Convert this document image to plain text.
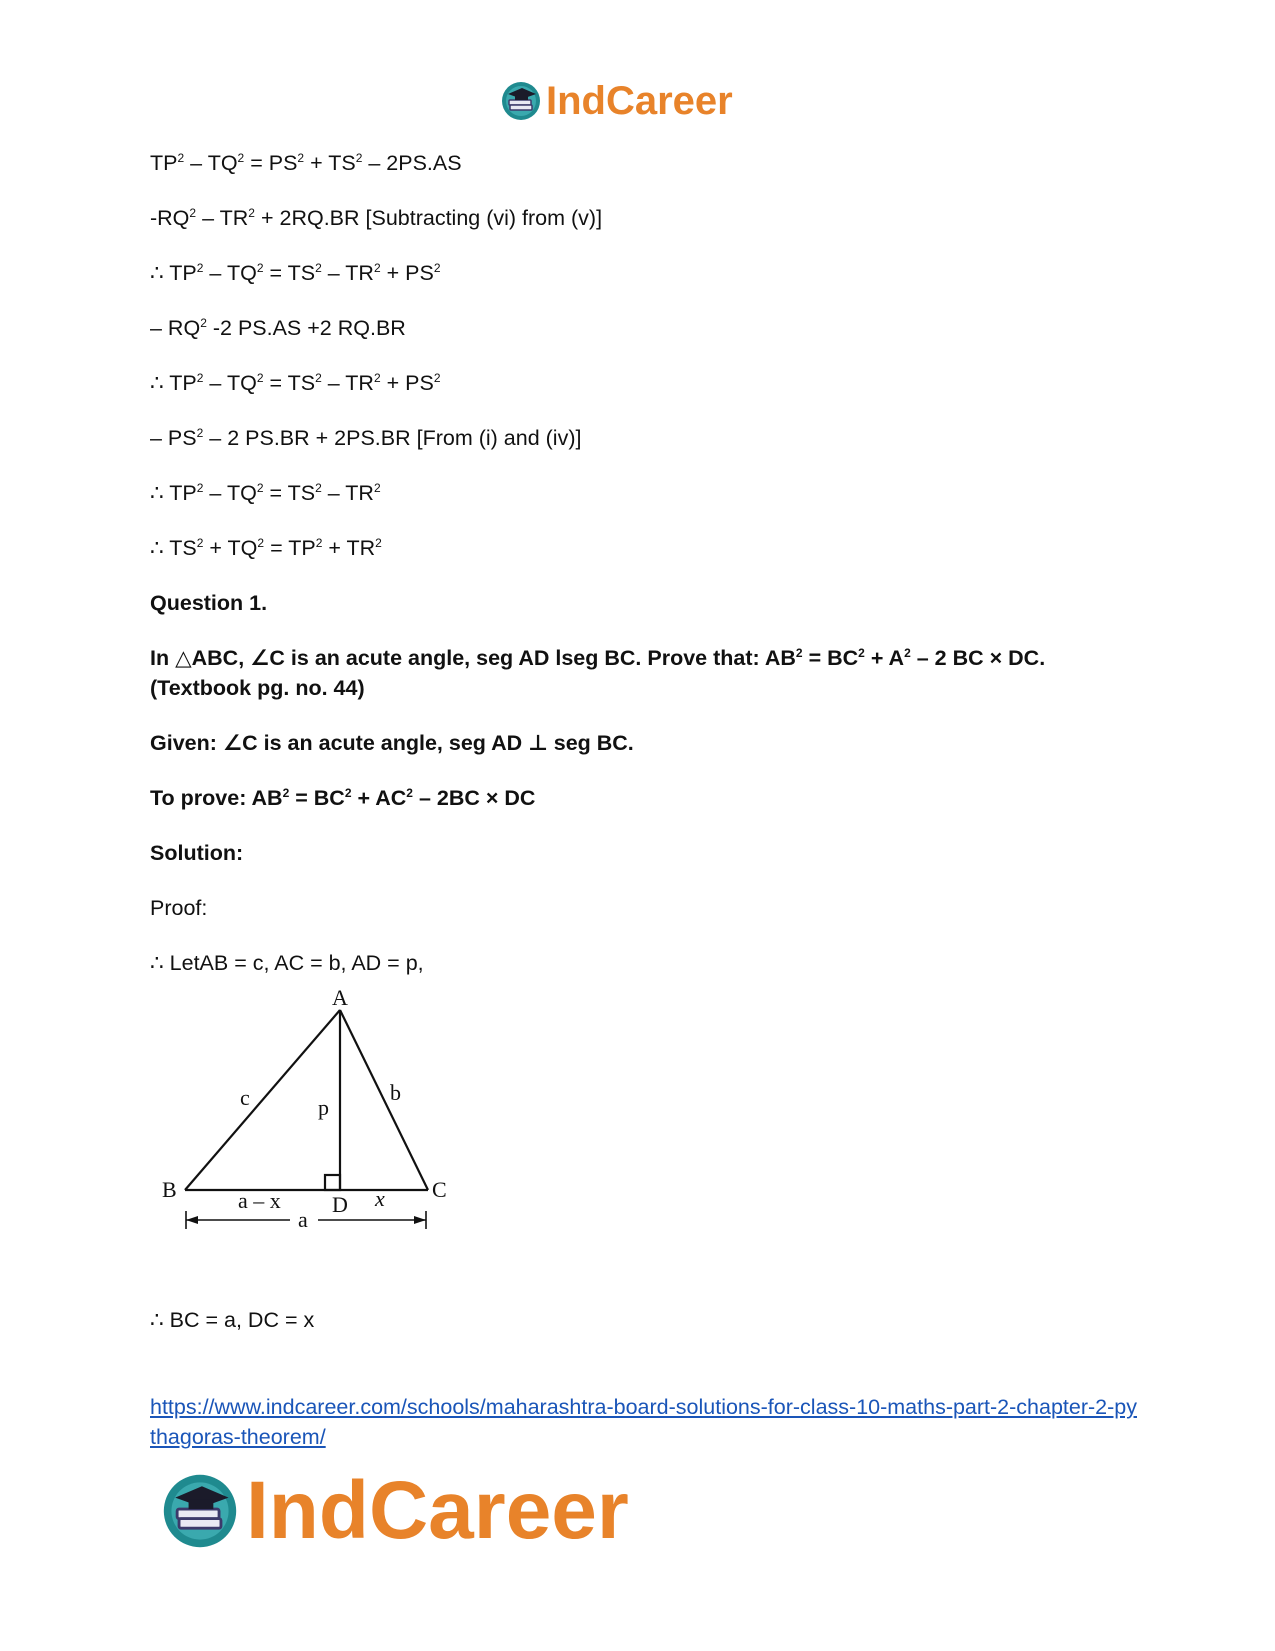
IndCareer
$TP^2 - TQ^2 = PS^2 + TS^2 - 2PS.AS$
$-RQ^2 - TR^2 + 2RQ.BR$ [Subtracting (vi) from (v)]
∴ $TP^2 - TQ^2 = TS^2 - TR^2 + PS^2$
– $RQ^2$ -2 PS.AS +2 RQ.BR
∴ $TP^2 - TQ^2 = TS^2 - TR^2 + PS^2$
– $PS^2 - 2$ PS.BR + 2PS.BR [From (i) and (iv)]
∴ $TP^2 - TQ^2 = TS^2 - TR^2$
∴ $TS^2 + TQ^2 = TP^2 + TR^2$
Question 1.
In △ABC, ∠C is an acute angle, seg AD lseg BC. Prove that: $AB^2 = BC^2 + A^2 - 2$ BC × DC. (Textbook pg. no. 44)
Given: ∠C is an acute angle, seg AD ⊥ seg BC.
To prove: $AB^2 = BC^2 + AC^2 - 2BC$ × DC
Solution:
Proof:
∴ LetAB = c, AC = b, AD = p,
A
B	C
D
c	b
p
a – x	x
a
∴ BC = a, DC = x
https://www.indcareer.com/schools/maharashtra-board-solutions-for-class-10-maths-part-2-chapter-2-pythagoras-theorem/
IndCareer
